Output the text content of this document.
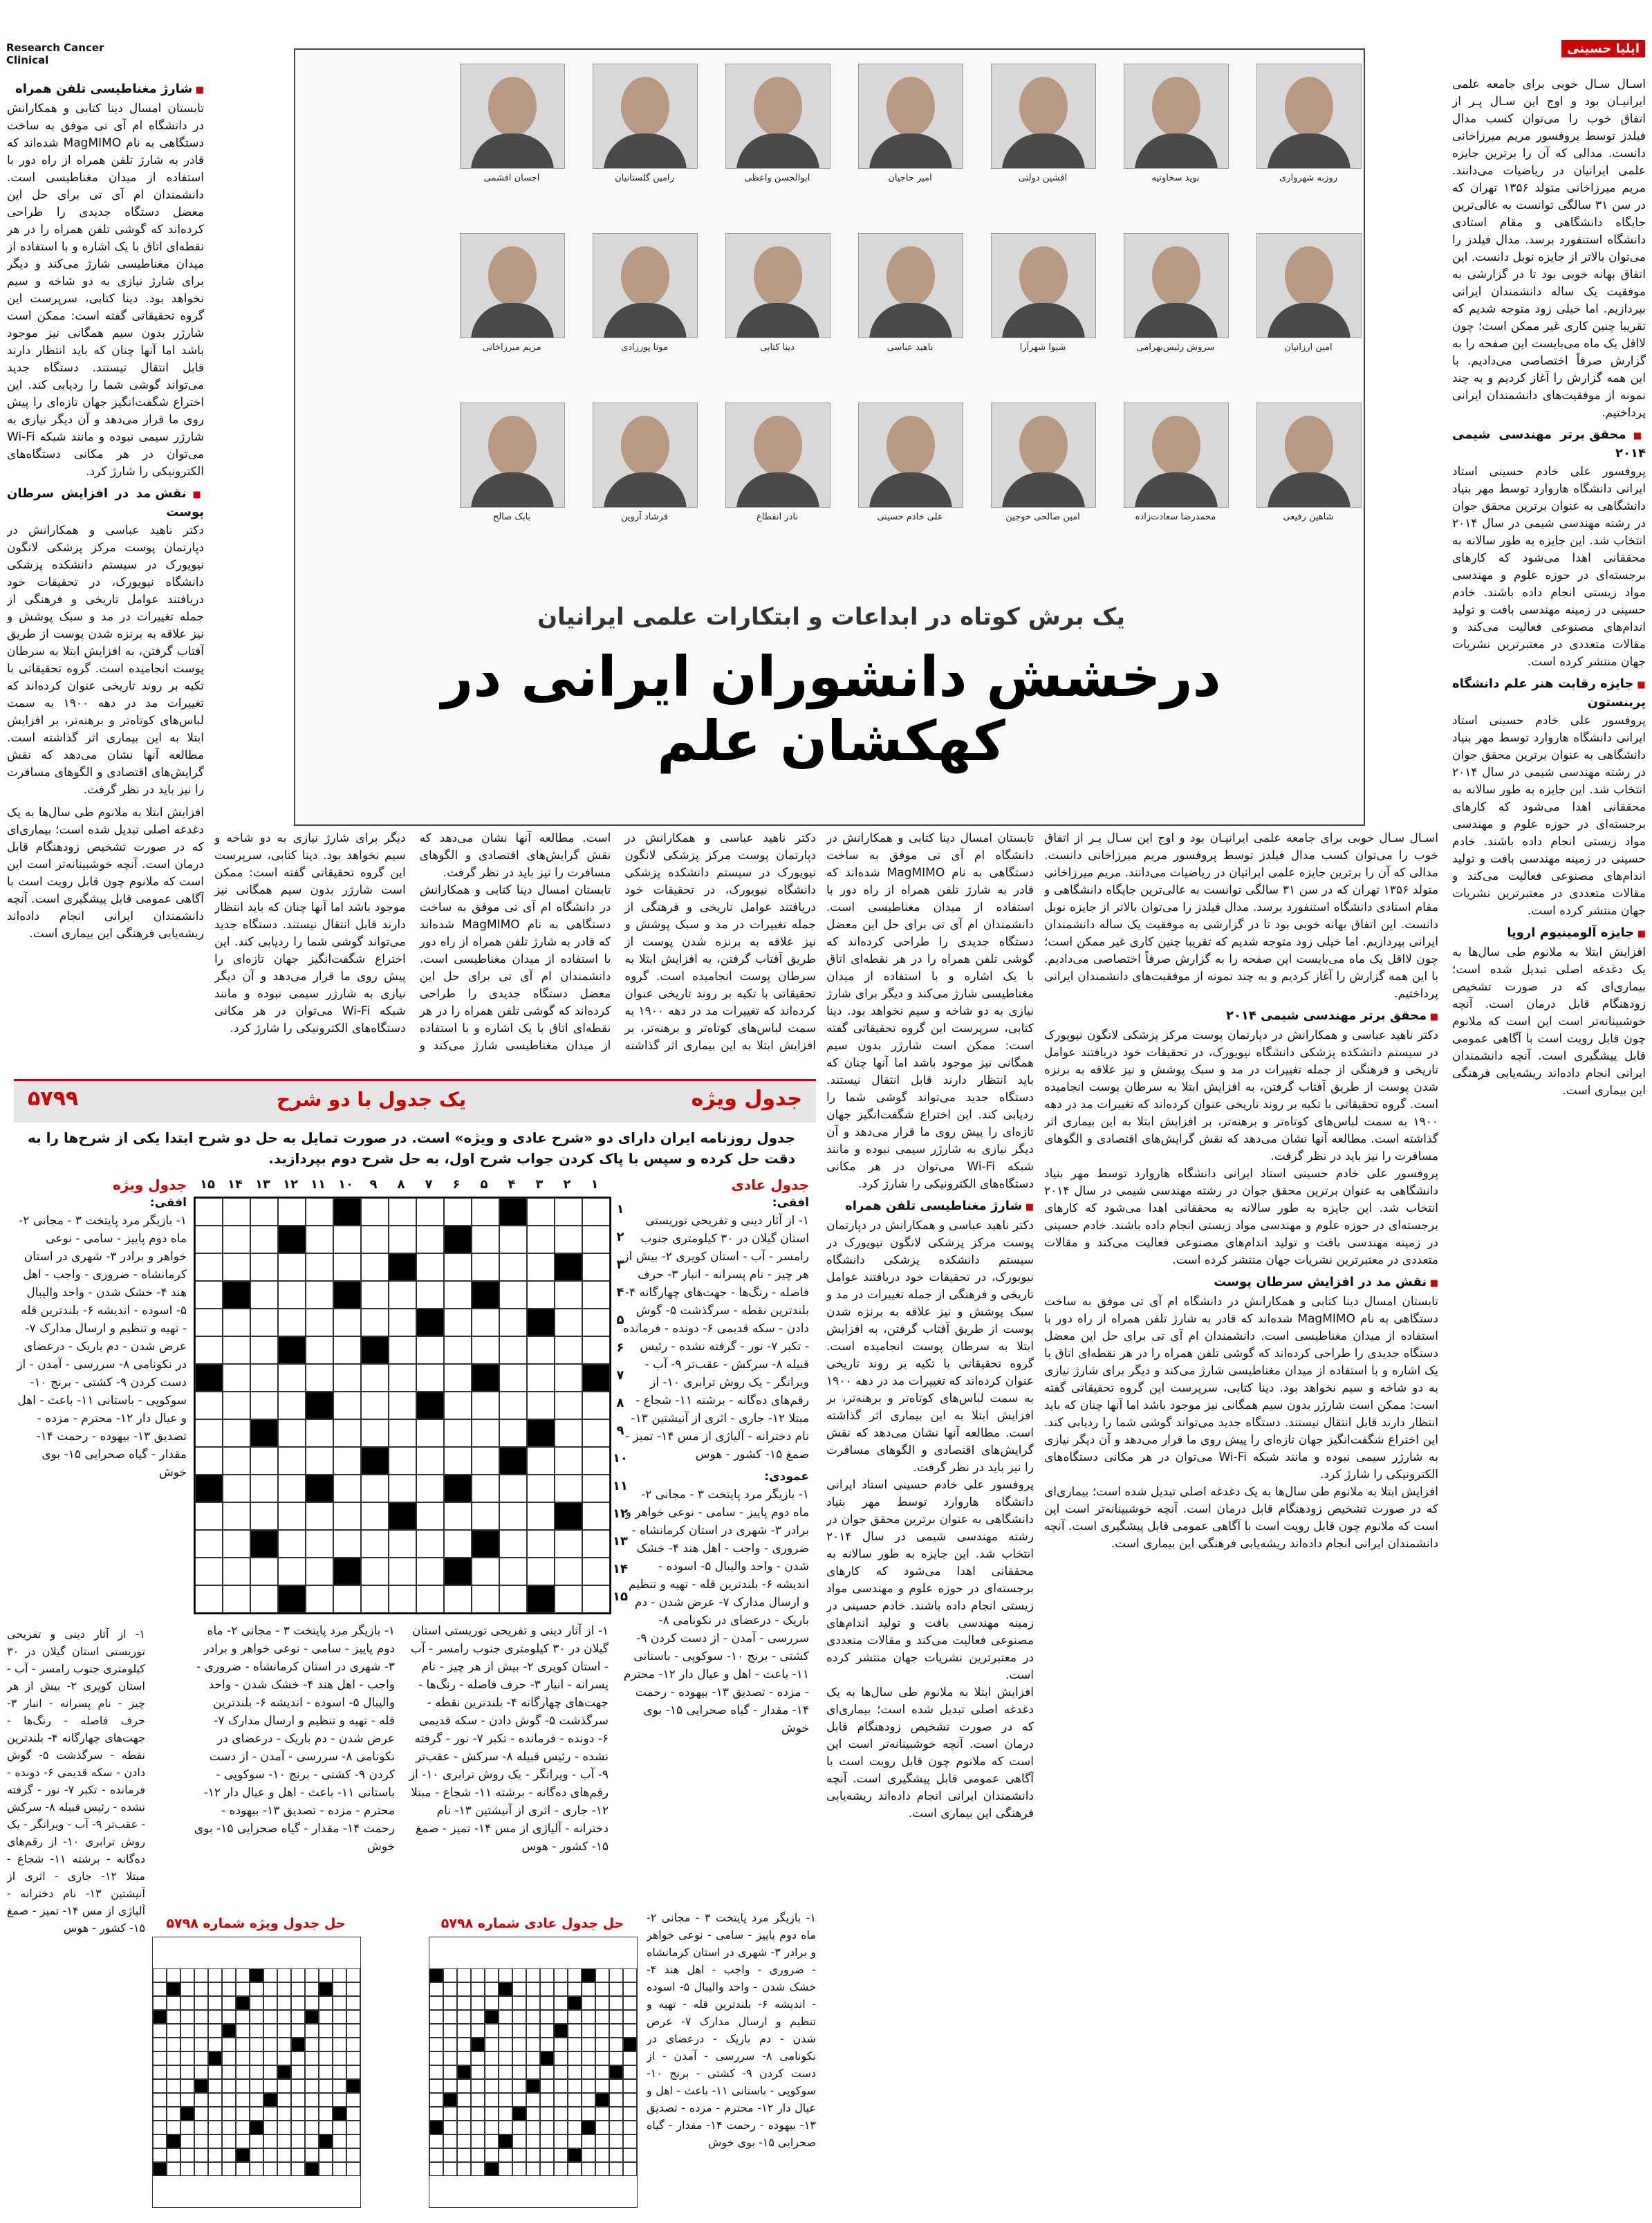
ایلیا حسینی
Research Cancer Clinical
■ شارژ مغناطیسی تلفن همراه
تابستان امسال دینا کتابی و همکارانش در دانشگاه ام آی تی موفق به ساخت دستگاهی به نام MagMIMO شده‌اند که قادر به شارژ تلفن همراه از راه دور با استفاده از میدان مغناطیسی است. دانشمندان ام آی تی برای حل این معضل دستگاه جدیدی را طراحی کرده‌اند که گوشی تلفن همراه را در هر نقطه‌ای اتاق با یک اشاره و با استفاده از میدان مغناطیسی شارژ می‌کند و دیگر برای شارژ نیازی به دو شاخه و سیم نخواهد بود. دینا کتابی، سرپرست این گروه تحقیقاتی گفته است: ممکن است شارژر بدون سیم همگانی نیز موجود باشد اما آنها چنان که باید انتظار دارند قابل انتقال نیستند. دستگاه جدید می‌تواند گوشی شما را ردیابی کند. این اختراع شگفت‌انگیز جهان تازه‌ای را پیش روی ما قرار می‌دهد و آن دیگر نیازی به شارژر سیمی نبوده و مانند شبکه Wi-Fi می‌توان در هر مکانی دستگاه‌های الکترونیکی را شارژ کرد.
■ نقش مد در افزایش سرطان پوست
دکتر ناهید عباسی و همکارانش در دپارتمان پوست مرکز پزشکی لانگون نیویورک در سیستم دانشکده پزشکی دانشگاه نیویورک، در تحقیقات خود دریافتند عوامل تاریخی و فرهنگی از جمله تغییرات در مد و سبک پوشش و نیز علاقه به برنزه شدن پوست از طریق آفتاب گرفتن، به افزایش ابتلا به سرطان پوست انجامیده است. گروه تحقیقاتی با تکیه بر روند تاریخی عنوان کرده‌اند که تغییرات مد در دهه ۱۹۰۰ به سمت لباس‌های کوتاه‌تر و برهنه‌تر، بر افزایش ابتلا به این بیماری اثر گذاشته است. مطالعه آنها نشان می‌دهد که نقش گرایش‌های اقتصادی و الگوهای مسافرت را نیز باید در نظر گرفت.
افزایش ابتلا به ملانوم طی سال‌ها به یک دغدغه اصلی تبدیل شده است؛ بیماری‌ای که در صورت تشخیص زودهنگام قابل درمان است. آنچه خوشبینانه‌تر است این است که ملانوم چون قابل رویت است با آگاهی عمومی قابل پیشگیری است. آنچه دانشمندان ایرانی انجام داده‌اند ریشه‌یابی فرهنگی این بیماری است.
اسـال سـال خوبی برای جامعه علمی ایرانیـان بود و اوج این سـال پـر از اتفاق خوب را می‌توان کسب مدال فیلدز توسط پروفسور مریم میرزاخانی دانست. مدالی که آن را برترین جایزه علمی ایرانیان در ریاضیات می‌دانند. مریم میرزاخانی متولد ۱۳۵۶ تهران که در سن ۳۱ سالگی توانست به عالی‌ترین جایگاه دانشگاهی و مقام استادی دانشگاه استنفورد برسد. مدال فیلدز را می‌توان بالاتر از جایزه نوبل دانست. این اتفاق بهانه خوبی بود تا در گزارشی به موفقیت یک ساله دانشمندان ایرانی بپردازیم. اما خیلی زود متوجه شدیم که تقریبا چنین کاری غیر ممکن است؛ چون لااقل یک ماه می‌بایست این صفحه را به گزارش صرفاً اختصاصی می‌دادیم. با این همه گزارش را آغاز کردیم و به چند نمونه از موفقیت‌های دانشمندان ایرانی پرداختیم.
■ محقق برتر مهندسی شیمی ۲۰۱۴
پروفسور علی خادم حسینی استاد ایرانی دانشگاه هاروارد توسط مهر بنیاد دانشگاهی به عنوان برترین محقق جوان در رشته مهندسی شیمی در سال ۲۰۱۴ انتخاب شد. این جایزه به طور سالانه به محققانی اهدا می‌شود که کارهای برجسته‌ای در حوزه علوم و مهندسی مواد زیستی انجام داده باشند. خادم حسینی در زمینه مهندسی بافت و تولید اندام‌های مصنوعی فعالیت می‌کند و مقالات متعددی در معتبرترین نشریات جهان منتشر کرده است.
■ جایزه رقابت هنر علم دانشگاه پرینستون
پروفسور علی خادم حسینی استاد ایرانی دانشگاه هاروارد توسط مهر بنیاد دانشگاهی به عنوان برترین محقق جوان در رشته مهندسی شیمی در سال ۲۰۱۴ انتخاب شد. این جایزه به طور سالانه به محققانی اهدا می‌شود که کارهای برجسته‌ای در حوزه علوم و مهندسی مواد زیستی انجام داده باشند. خادم حسینی در زمینه مهندسی بافت و تولید اندام‌های مصنوعی فعالیت می‌کند و مقالات متعددی در معتبرترین نشریات جهان منتشر کرده است.
■ جایزه آلومینیوم اروپا
افزایش ابتلا به ملانوم طی سال‌ها به یک دغدغه اصلی تبدیل شده است؛ بیماری‌ای که در صورت تشخیص زودهنگام قابل درمان است. آنچه خوشبینانه‌تر است این است که ملانوم چون قابل رویت است با آگاهی عمومی قابل پیشگیری است. آنچه دانشمندان ایرانی انجام داده‌اند ریشه‌یابی فرهنگی این بیماری است.
اسـال سـال خوبی برای جامعه علمی ایرانیـان بود و اوج این سـال پـر از اتفاق خوب را می‌توان کسب مدال فیلدز توسط پروفسور مریم میرزاخانی دانست. مدالی که آن را برترین جایزه علمی ایرانیان در ریاضیات می‌دانند. مریم میرزاخانی متولد ۱۳۵۶ تهران که در سن ۳۱ سالگی توانست به عالی‌ترین جایگاه دانشگاهی و مقام استادی دانشگاه استنفورد برسد. مدال فیلدز را می‌توان بالاتر از جایزه نوبل دانست. این اتفاق بهانه خوبی بود تا در گزارشی به موفقیت یک ساله دانشمندان ایرانی بپردازیم. اما خیلی زود متوجه شدیم که تقریبا چنین کاری غیر ممکن است؛ چون لااقل یک ماه می‌بایست این صفحه را به گزارش صرفاً اختصاصی می‌دادیم. با این همه گزارش را آغاز کردیم و به چند نمونه از موفقیت‌های دانشمندان ایرانی پرداختیم.
■ محقق برتر مهندسی شیمی ۲۰۱۴
دکتر ناهید عباسی و همکارانش در دپارتمان پوست مرکز پزشکی لانگون نیویورک در سیستم دانشکده پزشکی دانشگاه نیویورک، در تحقیقات خود دریافتند عوامل تاریخی و فرهنگی از جمله تغییرات در مد و سبک پوشش و نیز علاقه به برنزه شدن پوست از طریق آفتاب گرفتن، به افزایش ابتلا به سرطان پوست انجامیده است. گروه تحقیقاتی با تکیه بر روند تاریخی عنوان کرده‌اند که تغییرات مد در دهه ۱۹۰۰ به سمت لباس‌های کوتاه‌تر و برهنه‌تر، بر افزایش ابتلا به این بیماری اثر گذاشته است. مطالعه آنها نشان می‌دهد که نقش گرایش‌های اقتصادی و الگوهای مسافرت را نیز باید در نظر گرفت.
پروفسور علی خادم حسینی استاد ایرانی دانشگاه هاروارد توسط مهر بنیاد دانشگاهی به عنوان برترین محقق جوان در رشته مهندسی شیمی در سال ۲۰۱۴ انتخاب شد. این جایزه به طور سالانه به محققانی اهدا می‌شود که کارهای برجسته‌ای در حوزه علوم و مهندسی مواد زیستی انجام داده باشند. خادم حسینی در زمینه مهندسی بافت و تولید اندام‌های مصنوعی فعالیت می‌کند و مقالات متعددی در معتبرترین نشریات جهان منتشر کرده است.
■ نقش مد در افزایش سرطان پوست
تابستان امسال دینا کتابی و همکارانش در دانشگاه ام آی تی موفق به ساخت دستگاهی به نام MagMIMO شده‌اند که قادر به شارژ تلفن همراه از راه دور با استفاده از میدان مغناطیسی است. دانشمندان ام آی تی برای حل این معضل دستگاه جدیدی را طراحی کرده‌اند که گوشی تلفن همراه را در هر نقطه‌ای اتاق با یک اشاره و با استفاده از میدان مغناطیسی شارژ می‌کند و دیگر برای شارژ نیازی به دو شاخه و سیم نخواهد بود. دینا کتابی، سرپرست این گروه تحقیقاتی گفته است: ممکن است شارژر بدون سیم همگانی نیز موجود باشد اما آنها چنان که باید انتظار دارند قابل انتقال نیستند. دستگاه جدید می‌تواند گوشی شما را ردیابی کند. این اختراع شگفت‌انگیز جهان تازه‌ای را پیش روی ما قرار می‌دهد و آن دیگر نیازی به شارژر سیمی نبوده و مانند شبکه Wi-Fi می‌توان در هر مکانی دستگاه‌های الکترونیکی را شارژ کرد.
افزایش ابتلا به ملانوم طی سال‌ها به یک دغدغه اصلی تبدیل شده است؛ بیماری‌ای که در صورت تشخیص زودهنگام قابل درمان است. آنچه خوشبینانه‌تر است این است که ملانوم چون قابل رویت است با آگاهی عمومی قابل پیشگیری است. آنچه دانشمندان ایرانی انجام داده‌اند ریشه‌یابی فرهنگی این بیماری است.
تابستان امسال دینا کتابی و همکارانش در دانشگاه ام آی تی موفق به ساخت دستگاهی به نام MagMIMO شده‌اند که قادر به شارژ تلفن همراه از راه دور با استفاده از میدان مغناطیسی است. دانشمندان ام آی تی برای حل این معضل دستگاه جدیدی را طراحی کرده‌اند که گوشی تلفن همراه را در هر نقطه‌ای اتاق با یک اشاره و با استفاده از میدان مغناطیسی شارژ می‌کند و دیگر برای شارژ نیازی به دو شاخه و سیم نخواهد بود. دینا کتابی، سرپرست این گروه تحقیقاتی گفته است: ممکن است شارژر بدون سیم همگانی نیز موجود باشد اما آنها چنان که باید انتظار دارند قابل انتقال نیستند. دستگاه جدید می‌تواند گوشی شما را ردیابی کند. این اختراع شگفت‌انگیز جهان تازه‌ای را پیش روی ما قرار می‌دهد و آن دیگر نیازی به شارژر سیمی نبوده و مانند شبکه Wi-Fi می‌توان در هر مکانی دستگاه‌های الکترونیکی را شارژ کرد.
■ شارژ مغناطیسی تلفن همراه
دکتر ناهید عباسی و همکارانش در دپارتمان پوست مرکز پزشکی لانگون نیویورک در سیستم دانشکده پزشکی دانشگاه نیویورک، در تحقیقات خود دریافتند عوامل تاریخی و فرهنگی از جمله تغییرات در مد و سبک پوشش و نیز علاقه به برنزه شدن پوست از طریق آفتاب گرفتن، به افزایش ابتلا به سرطان پوست انجامیده است. گروه تحقیقاتی با تکیه بر روند تاریخی عنوان کرده‌اند که تغییرات مد در دهه ۱۹۰۰ به سمت لباس‌های کوتاه‌تر و برهنه‌تر، بر افزایش ابتلا به این بیماری اثر گذاشته است. مطالعه آنها نشان می‌دهد که نقش گرایش‌های اقتصادی و الگوهای مسافرت را نیز باید در نظر گرفت.
پروفسور علی خادم حسینی استاد ایرانی دانشگاه هاروارد توسط مهر بنیاد دانشگاهی به عنوان برترین محقق جوان در رشته مهندسی شیمی در سال ۲۰۱۴ انتخاب شد. این جایزه به طور سالانه به محققانی اهدا می‌شود که کارهای برجسته‌ای در حوزه علوم و مهندسی مواد زیستی انجام داده باشند. خادم حسینی در زمینه مهندسی بافت و تولید اندام‌های مصنوعی فعالیت می‌کند و مقالات متعددی در معتبرترین نشریات جهان منتشر کرده است.
افزایش ابتلا به ملانوم طی سال‌ها به یک دغدغه اصلی تبدیل شده است؛ بیماری‌ای که در صورت تشخیص زودهنگام قابل درمان است. آنچه خوشبینانه‌تر است این است که ملانوم چون قابل رویت است با آگاهی عمومی قابل پیشگیری است. آنچه دانشمندان ایرانی انجام داده‌اند ریشه‌یابی فرهنگی این بیماری است.
دکتر ناهید عباسی و همکارانش در دپارتمان پوست مرکز پزشکی لانگون نیویورک در سیستم دانشکده پزشکی دانشگاه نیویورک، در تحقیقات خود دریافتند عوامل تاریخی و فرهنگی از جمله تغییرات در مد و سبک پوشش و نیز علاقه به برنزه شدن پوست از طریق آفتاب گرفتن، به افزایش ابتلا به سرطان پوست انجامیده است. گروه تحقیقاتی با تکیه بر روند تاریخی عنوان کرده‌اند که تغییرات مد در دهه ۱۹۰۰ به سمت لباس‌های کوتاه‌تر و برهنه‌تر، بر افزایش ابتلا به این بیماری اثر گذاشته است. مطالعه آنها نشان می‌دهد که نقش گرایش‌های اقتصادی و الگوهای مسافرت را نیز باید در نظر گرفت.
تابستان امسال دینا کتابی و همکارانش در دانشگاه ام آی تی موفق به ساخت دستگاهی به نام MagMIMO شده‌اند که قادر به شارژ تلفن همراه از راه دور با استفاده از میدان مغناطیسی است. دانشمندان ام آی تی برای حل این معضل دستگاه جدیدی را طراحی کرده‌اند که گوشی تلفن همراه را در هر نقطه‌ای اتاق با یک اشاره و با استفاده از میدان مغناطیسی شارژ می‌کند و دیگر برای شارژ نیازی به دو شاخه و سیم نخواهد بود. دینا کتابی، سرپرست این گروه تحقیقاتی گفته است: ممکن است شارژر بدون سیم همگانی نیز موجود باشد اما آنها چنان که باید انتظار دارند قابل انتقال نیستند. دستگاه جدید می‌تواند گوشی شما را ردیابی کند. این اختراع شگفت‌انگیز جهان تازه‌ای را پیش روی ما قرار می‌دهد و آن دیگر نیازی به شارژر سیمی نبوده و مانند شبکه Wi-Fi می‌توان در هر مکانی دستگاه‌های الکترونیکی را شارژ کرد.
روزبه شهرواری
نوید سخاوتیه
افشین دولتی
امیر حاجیان
ابوالحسن واعظی
رامین گلستانیان
احسان افشمی
امین ارزانیان
سروش رئیس‌بهرامی
شیوا شهرآرا
ناهید عباسی
دینا کتابی
مونا پورزادی
مریم میرزاخانی
شاهین رفیعی
محمدرضا سعادت‌زاده
امین صالحی خوجین
علی خادم حسینی
نادر انقطاع
فرشاد آروین
بابک صالح
یک برش کوتاه در ابداعات و ابتکارات علمی ایرانیان
درخشش دانشوران ایرانی در کهکشان علم
جدول ویژه
۵۷۹۹	یک جدول با دو شرح
جدول روزنامه ایران دارای دو «شرح عادی و ویژه» است. در صورت تمایل به حل دو شرح ابتدا یکی از شرح‌ها را به دقت حل کرده و سپس با پاک کردن جواب شرح اول، به حل شرح دوم بپردازید.
جدول عادی
افقی:
۱- از آثار دینی و تفریحی توریستی استان گیلان در ۳۰ کیلومتری جنوب رامسر - آب - استان کویری ۲- بیش از هر چیز - نام پسرانه - انبار ۳- حرف فاصله - رنگ‌ها - جهت‌های چهارگانه ۴- بلندترین نقطه - سرگذشت ۵- گوش دادن - سکه قدیمی ۶- دونده - فرمانده - تکبر ۷- نور - گرفته نشده - رئیس قبیله ۸- سرکش - عقب‌تر ۹- آب - ویرانگر - یک روش ترابری ۱۰- از رقم‌های ده‌گانه - برشته ۱۱- شجاع - مبتلا ۱۲- جاری - اثری از آنیشتین ۱۳- نام دخترانه - آلیاژی از مس ۱۴- تمیز - صمغ ۱۵- کشور - هوس
عمودی:
۱- بازیگر مرد پایتخت ۳ - مجانی ۲- ماه دوم پاییز - سامی - نوعی خواهر و برادر ۳- شهری در استان کرمانشاه - ضروری - واجب - اهل هند ۴- خشک شدن - واحد والیبال ۵- اسوده - اندیشه ۶- بلندترین قله - تهیه و تنظیم و ارسال مدارک ۷- عرض شدن - دم باریک - درعضای در نکونامی ۸- سررسی - آمدن - از دست کردن ۹- کشتی - برنج ۱۰- سوکوپی - باستانی ۱۱- باعث - اهل و عیال دار ۱۲- محترم - مزده - تصدیق ۱۳- بیهوده - رحمت ۱۴- مقدار - گیاه صحرایی ۱۵- بوی خوش
جدول ویژه
افقی:
۱- بازیگر مرد پایتخت ۳ - مجانی ۲- ماه دوم پاییز - سامی - نوعی خواهر و برادر ۳- شهری در استان کرمانشاه - ضروری - واجب - اهل هند ۴- خشک شدن - واحد والیبال ۵- اسوده - اندیشه ۶- بلندترین قله - تهیه و تنظیم و ارسال مدارک ۷- عرض شدن - دم باریک - درعضای در نکونامی ۸- سررسی - آمدن - از دست کردن ۹- کشتی - برنج ۱۰- سوکوپی - باستانی ۱۱- باعث - اهل و عیال دار ۱۲- محترم - مزده - تصدیق ۱۳- بیهوده - رحمت ۱۴- مقدار - گیاه صحرایی ۱۵- بوی خوش
۱
۲
۳
۴
۵
۶
۷
۸
۹
۱۰
۱۱
۱۲
۱۳
۱۴
۱۵
۱
۲
۳
۴
۵
۶
۷
۸
۹
۱۰
۱۱
۱۲
۱۳
۱۴
۱۵
۱- از آثار دینی و تفریحی توریستی استان گیلان در ۳۰ کیلومتری جنوب رامسر - آب - استان کویری ۲- بیش از هر چیز - نام پسرانه - انبار ۳- حرف فاصله - رنگ‌ها - جهت‌های چهارگانه ۴- بلندترین نقطه - سرگذشت ۵- گوش دادن - سکه قدیمی ۶- دونده - فرمانده - تکبر ۷- نور - گرفته نشده - رئیس قبیله ۸- سرکش - عقب‌تر ۹- آب - ویرانگر - یک روش ترابری ۱۰- از رقم‌های ده‌گانه - برشته ۱۱- شجاع - مبتلا ۱۲- جاری - اثری از آنیشتین ۱۳- نام دخترانه - آلیاژی از مس ۱۴- تمیز - صمغ ۱۵- کشور - هوس
۱- بازیگر مرد پایتخت ۳ - مجانی ۲- ماه دوم پاییز - سامی - نوعی خواهر و برادر ۳- شهری در استان کرمانشاه - ضروری - واجب - اهل هند ۴- خشک شدن - واحد والیبال ۵- اسوده - اندیشه ۶- بلندترین قله - تهیه و تنظیم و ارسال مدارک ۷- عرض شدن - دم باریک - درعضای در نکونامی ۸- سررسی - آمدن - از دست کردن ۹- کشتی - برنج ۱۰- سوکوپی - باستانی ۱۱- باعث - اهل و عیال دار ۱۲- محترم - مزده - تصدیق ۱۳- بیهوده - رحمت ۱۴- مقدار - گیاه صحرایی ۱۵- بوی خوش
حل جدول عادی شماره ۵۷۹۸
حل جدول ویژه شماره ۵۷۹۸
۱- از آثار دینی و تفریحی توریستی استان گیلان در ۳۰ کیلومتری جنوب رامسر - آب - استان کویری ۲- بیش از هر چیز - نام پسرانه - انبار ۳- حرف فاصله - رنگ‌ها - جهت‌های چهارگانه ۴- بلندترین نقطه - سرگذشت ۵- گوش دادن - سکه قدیمی ۶- دونده - فرمانده - تکبر ۷- نور - گرفته نشده - رئیس قبیله ۸- سرکش - عقب‌تر ۹- آب - ویرانگر - یک روش ترابری ۱۰- از رقم‌های ده‌گانه - برشته ۱۱- شجاع - مبتلا ۱۲- جاری - اثری از آنیشتین ۱۳- نام دخترانه - آلیاژی از مس ۱۴- تمیز - صمغ ۱۵- کشور - هوس
۱- بازیگر مرد پایتخت ۳ - مجانی ۲- ماه دوم پاییز - سامی - نوعی خواهر و برادر ۳- شهری در استان کرمانشاه - ضروری - واجب - اهل هند ۴- خشک شدن - واحد والیبال ۵- اسوده - اندیشه ۶- بلندترین قله - تهیه و تنظیم و ارسال مدارک ۷- عرض شدن - دم باریک - درعضای در نکونامی ۸- سررسی - آمدن - از دست کردن ۹- کشتی - برنج ۱۰- سوکوپی - باستانی ۱۱- باعث - اهل و عیال دار ۱۲- محترم - مزده - تصدیق ۱۳- بیهوده - رحمت ۱۴- مقدار - گیاه صحرایی ۱۵- بوی خوش
